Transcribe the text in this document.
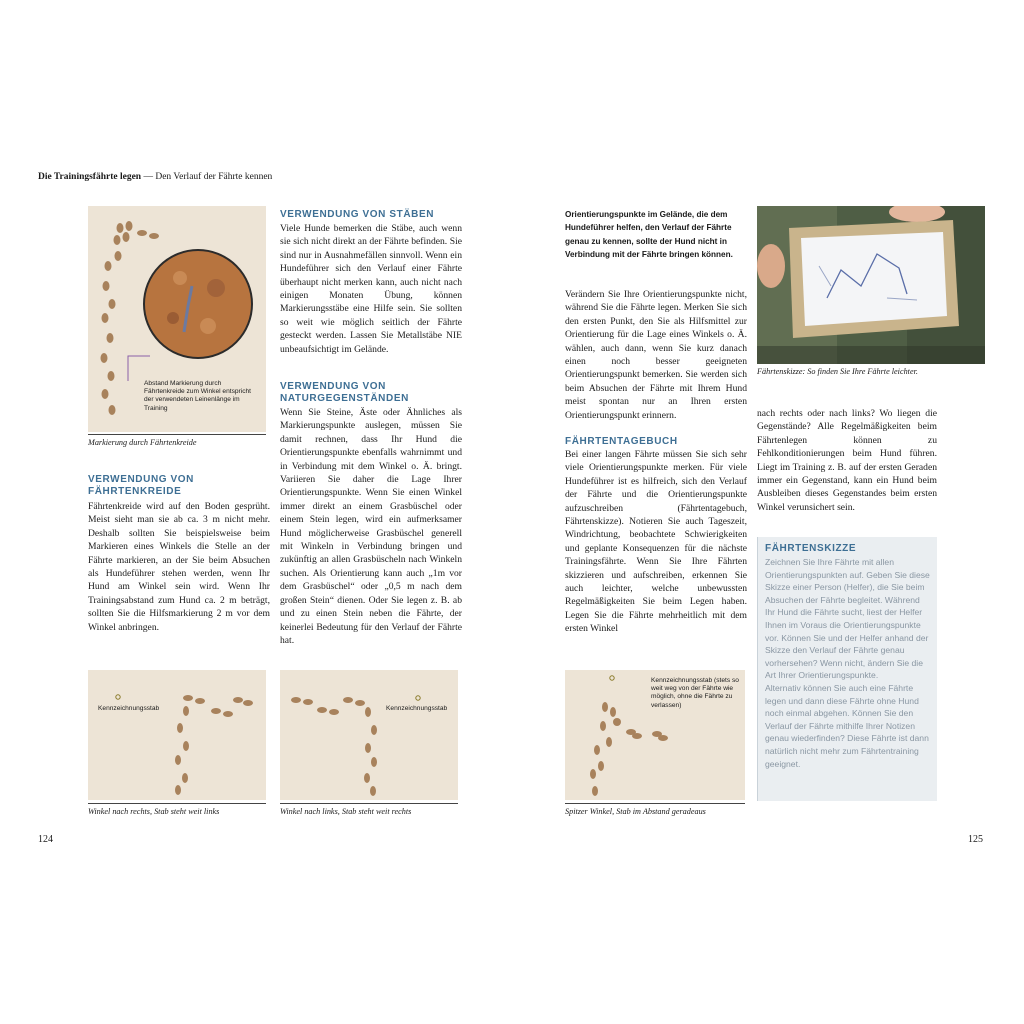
Die Trainingsfährte legen — Den Verlauf der Fährte kennen
Abstand Markierung durch Fährtenkreide zum Winkel entspricht der verwendeten Leinenlänge im Training
Markierung durch Fährtenkreide
VERWENDUNG VON FÄHRTENKREIDE
Fährtenkreide wird auf den Boden gesprüht. Meist sieht man sie ab ca. 3 m nicht mehr. Deshalb sollten Sie beispielsweise beim Markieren eines Winkels die Stelle an der Fährte markieren, an der Sie beim Absuchen als Hundeführer stehen werden, wenn Ihr Hund am Winkel sein wird. Wenn Ihr Trainingsabstand zum Hund ca. 2 m beträgt, sollten Sie die Hilfsmarkierung 2 m vor dem Winkel anbringen.
VERWENDUNG VON STÄBEN
Viele Hunde bemerken die Stäbe, auch wenn sie sich nicht direkt an der Fährte befinden. Sie sind nur in Ausnahmefällen sinnvoll. Wenn ein Hundeführer sich den Verlauf einer Fährte überhaupt nicht merken kann, auch nicht nach einigen Monaten Übung, können Markierungsstäbe eine Hilfe sein. Sie sollten so weit wie möglich seitlich der Fährte gesteckt werden. Lassen Sie Metallstäbe NIE unbeaufsichtigt im Gelände.
VERWENDUNG VON NATURGEGENSTÄNDEN
Wenn Sie Steine, Äste oder Ähnliches als Markierungspunkte auslegen, müssen Sie damit rechnen, dass Ihr Hund die Orientierungspunkte ebenfalls wahrnimmt und in Verbindung mit dem Winkel o. Ä. bringt. Variieren Sie daher die Lage Ihrer Orientierungspunkte. Wenn Sie einen Winkel immer direkt an einem Grasbüschel oder einem Stein legen, wird ein aufmerksamer Hund möglicherweise Grasbüschel generell mit Winkeln in Verbindung bringen und zukünftig an allen Grasbüscheln nach Winkeln suchen. Als Orientierung kann auch „1m vor dem Grasbüschel“ oder „0,5 m nach dem großen Stein“ dienen. Oder Sie legen z. B. ab und zu einen Stein neben die Fährte, der keinerlei Bedeutung für den Verlauf der Fährte hat.
Kennzeichnungsstab
Winkel nach rechts, Stab steht weit links
Kennzeichnungsstab
Winkel nach links, Stab steht weit rechts
124
Orientierungspunkte im Gelände, die dem Hundeführer helfen, den Verlauf der Fährte genau zu kennen, sollte der Hund nicht in Verbindung mit der Fährte bringen können.
Verändern Sie Ihre Orientierungspunkte nicht, während Sie die Fährte legen. Merken Sie sich den ersten Punkt, den Sie als Hilfsmittel zur Orientierung für die Lage eines Winkels o. Ä. wählen, auch dann, wenn Sie kurz danach einen noch besser geeigneten Orientierungspunkt bemerken. Sie werden sich beim Absuchen der Fährte mit Ihrem Hund meist spontan nur an Ihren ersten Orientierungspunkt erinnern.
FÄHRTENTAGEBUCH
Bei einer langen Fährte müssen Sie sich sehr viele Orientierungspunkte merken. Für viele Hundeführer ist es hilfreich, sich den Verlauf der Fährte und die Orientierungspunkte aufzuschreiben (Fährtentagebuch, Fährtenskizze). Notieren Sie auch Tageszeit, Windrichtung, beobachtete Schwierigkeiten und geplante Konsequenzen für die nächste Trainingsfährte. Wenn Sie Ihre Fährten skizzieren und aufschreiben, erkennen Sie auch leichter, welche unbewussten Regelmäßigkeiten Sie beim Legen haben. Legen Sie die Fährte mehrheitlich mit dem ersten Winkel
Fährtenskizze: So finden Sie Ihre Fährte leichter.
nach rechts oder nach links? Wo liegen die Gegenstände? Alle Regelmäßigkeiten beim Fährtenlegen können zu Fehlkonditionierungen beim Hund führen. Liegt im Training z. B. auf der ersten Geraden immer ein Gegenstand, kann ein Hund beim Ausbleiben dieses Gegenstandes beim ersten Winkel verunsichert sein.
FÄHRTENSKIZZE
Zeichnen Sie Ihre Fährte mit allen Orientierungspunkten auf. Geben Sie diese Skizze einer Person (Helfer), die Sie beim Absuchen der Fährte begleitet. Während Ihr Hund die Fährte sucht, liest der Helfer Ihnen im Voraus die Orientierungspunkte vor. Können Sie und der Helfer anhand der Skizze den Verlauf der Fährte genau vorhersehen? Wenn nicht, ändern Sie die Art Ihrer Orientierungspunkte.
Alternativ können Sie auch eine Fährte legen und dann diese Fährte ohne Hund noch einmal abgehen. Können Sie den Verlauf der Fährte mithilfe Ihrer Notizen genau wiederfinden? Diese Fährte ist dann natürlich nicht mehr zum Fährtentraining geeignet.
Kennzeichnungsstab (stets so weit weg von der Fährte wie möglich, ohne die Fährte zu verlassen)
Spitzer Winkel, Stab im Abstand geradeaus
125
